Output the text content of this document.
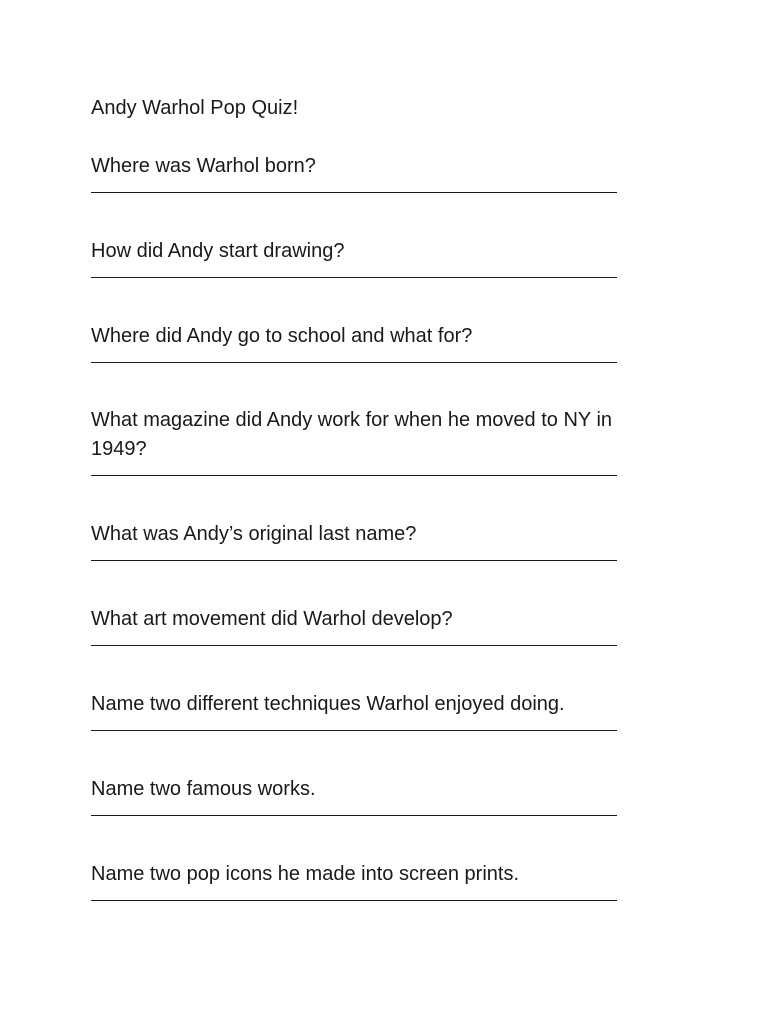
Andy Warhol Pop Quiz!

Where was Warhol born?

How did Andy start drawing?

Where did Andy go to school and what for?

What magazine did Andy work for when he moved to NY in 1949?

What was Andy’s original last name?

What art movement did Warhol develop?

Name two different techniques Warhol enjoyed doing.

Name two famous works.

Name two pop icons he made into screen prints.
